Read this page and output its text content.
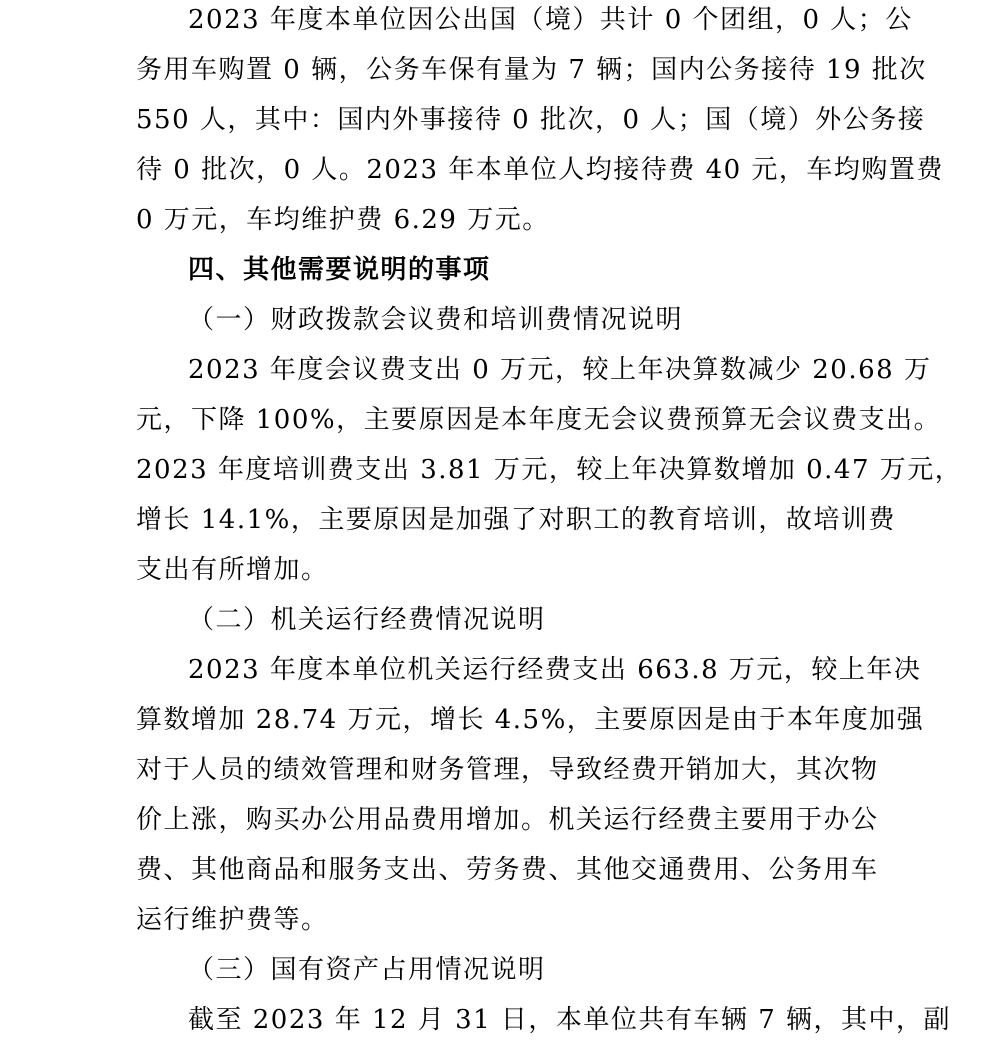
2023 年度本单位因公出国（境）共计 0 个团组，0 人；公
务用车购置 0 辆，公务车保有量为 7 辆；国内公务接待 19 批次
550 人，其中：国内外事接待 0 批次，0 人；国（境）外公务接
待 0 批次，0 人。2023 年本单位人均接待费 40 元，车均购置费
0 万元，车均维护费 6.29 万元。
四、其他需要说明的事项
（一）财政拨款会议费和培训费情况说明
2023 年度会议费支出 0 万元，较上年决算数减少 20.68 万
元，下降 100%，主要原因是本年度无会议费预算无会议费支出。
2023 年度培训费支出 3.81 万元，较上年决算数增加 0.47 万元，
增长 14.1%，主要原因是加强了对职工的教育培训，故培训费
支出有所增加。
（二）机关运行经费情况说明
2023 年度本单位机关运行经费支出 663.8 万元，较上年决
算数增加 28.74 万元，增长 4.5%，主要原因是由于本年度加强
对于人员的绩效管理和财务管理，导致经费开销加大，其次物
价上涨，购买办公用品费用增加。机关运行经费主要用于办公
费、其他商品和服务支出、劳务费、其他交通费用、公务用车
运行维护费等。
（三）国有资产占用情况说明
截至 2023 年 12 月 31 日，本单位共有车辆 7 辆，其中，副
